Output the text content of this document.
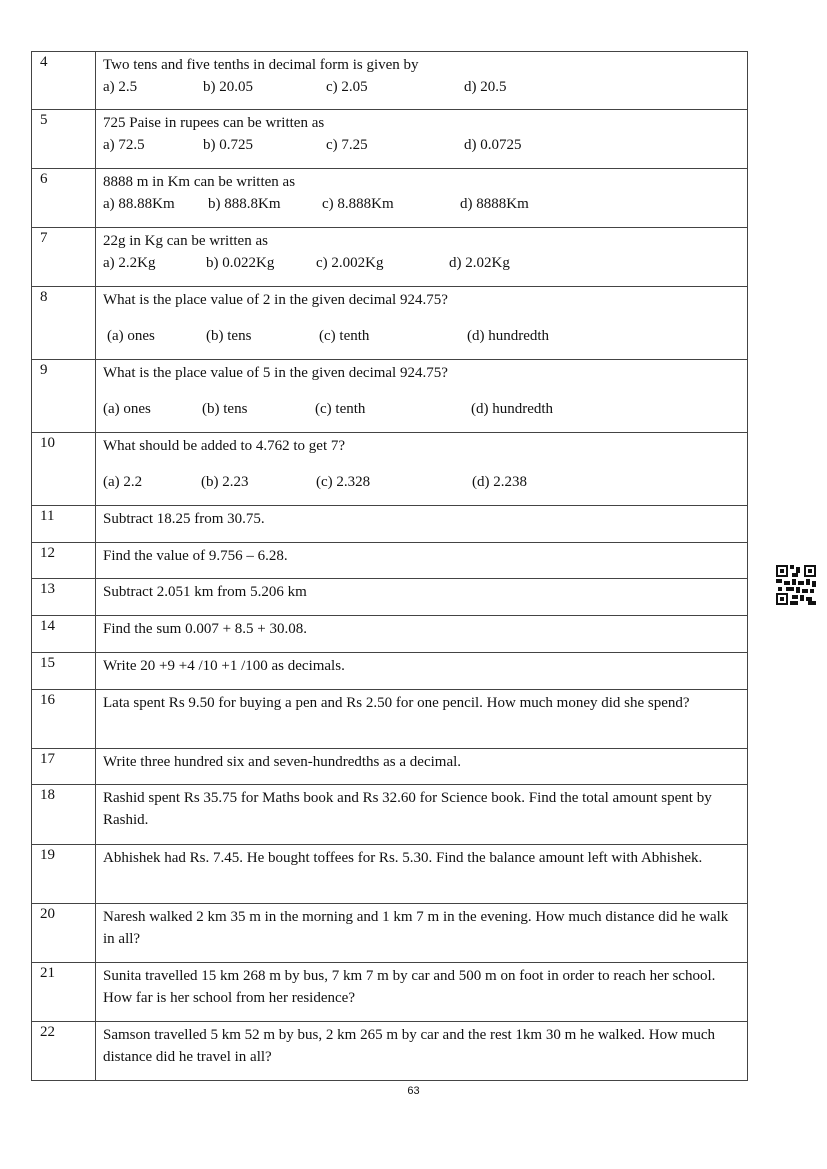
4	Two tens and five tenths in decimal form is given by
a) 2.5 b) 20.05 c) 2.05 d) 20.5

5	725 Paise in rupees can be written as
a) 72.5 b) 0.725 c) 7.25 d) 0.0725

6	8888 m in Km can be written as
a) 88.88Km b) 888.8Km c) 8.888Km d) 8888Km

7	22g in Kg can be written as
a) 2.2Kg b) 0.022Kg c) 2.002Kg d) 2.02Kg

8	What is the place value of 2 in the given decimal 924.75?
(a) ones (b) tens (c) tenth (d) hundredth

9	What is the place value of 5 in the given decimal 924.75?
(a) ones (b) tens (c) tenth (d) hundredth

10	What should be added to 4.762 to get 7?
(a) 2.2 (b) 2.23 (c) 2.328 (d) 2.238

11	Subtract 18.25 from 30.75.

12	Find the value of 9.756 – 6.28.

13	Subtract 2.051 km from 5.206 km

14	Find the sum 0.007 + 8.5 + 30.08.

15	Write 20 +9 +4 /10 +1 /100 as decimals.

16	Lata spent Rs 9.50 for buying a pen and Rs 2.50 for one pencil. How much money did she spend?

17	Write three hundred six and seven-hundredths as a decimal.

18	Rashid spent Rs 35.75 for Maths book and Rs 32.60 for Science book. Find the total amount spent by Rashid.

19	Abhishek had Rs. 7.45. He bought toffees for Rs. 5.30. Find the balance amount left with Abhishek.

20	Naresh walked 2 km 35 m in the morning and 1 km 7 m in the evening. How much distance did he walk in all?

21	Sunita travelled 15 km 268 m by bus, 7 km 7 m by car and 500 m on foot in order to reach her school. How far is her school from her residence?

22	Samson travelled 5 km 52 m by bus, 2 km 265 m by car and the rest 1km 30 m he walked. How much distance did he travel in all?
63
